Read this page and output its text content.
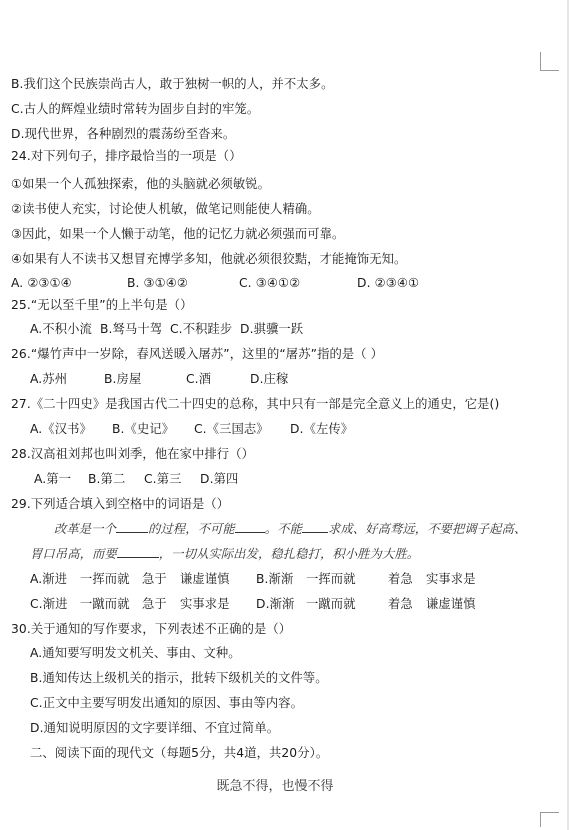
B.我们这个民族崇尚古人，敢于独树一帜的人，并不太多。
C.古人的辉煌业绩时常转为固步自封的牢笼。
D.现代世界，各种剧烈的震荡纷至沓来。
24.对下列句子，排序最恰当的一项是（）
①如果一个人孤独探索，他的头脑就必须敏锐。
②读书使人充实，讨论使人机敏，做笔记则能使人精确。
③因此，如果一个人懒于动笔，他的记忆力就必须强而可靠。
④如果有人不读书又想冒充博学多知，他就必须很狡黠，才能掩饰无知。
A. ②③①④	B. ③①④②	C. ③④①②	D. ②③④①
25.“无以至千里”的上半句是（）
A.不积小流 B.驽马十驾 C.不积跬步 D.骐骥一跃
26.“爆竹声中一岁除，春风送暖入屠苏”，这里的“屠苏”指的是（ ）
A.苏州	B.房屋	C.酒	D.庄稼
27.《二十四史》是我国古代二十四史的总称，其中只有一部是完全意义上的通史，它是()
A.《汉书》 B.《史记》 C.《三国志》 D.《左传》
28.汉高祖刘邦也叫刘季，他在家中排行（）
A.第一 B.第二 C.第三 D.第四
29.下列适合填入到空格中的词语是（）
改革是一个	的过程，不可能 。不能 求成、好高骛远，不要把调子起高、
胃口吊高，而要	，一切从实际出发，稳扎稳打，积小胜为大胜。
A.渐进 一挥而就 急于 谦虚谨慎 B.渐渐 一挥而就	着急 实事求是
C.渐进 一蹴而就 急于 实事求是 D.渐渐 一蹴而就	着急 谦虚谨慎
30.关于通知的写作要求，下列表述不正确的是（）
A.通知要写明发文机关、事由、文种。
B.通知传达上级机关的指示，批转下级机关的文件等。
C.正文中主要写明发出通知的原因、事由等内容。
D.通知说明原因的文字要详细、不宜过简单。
二、阅读下面的现代文（每题5分，共4道，共20分）。
既急不得，也慢不得
